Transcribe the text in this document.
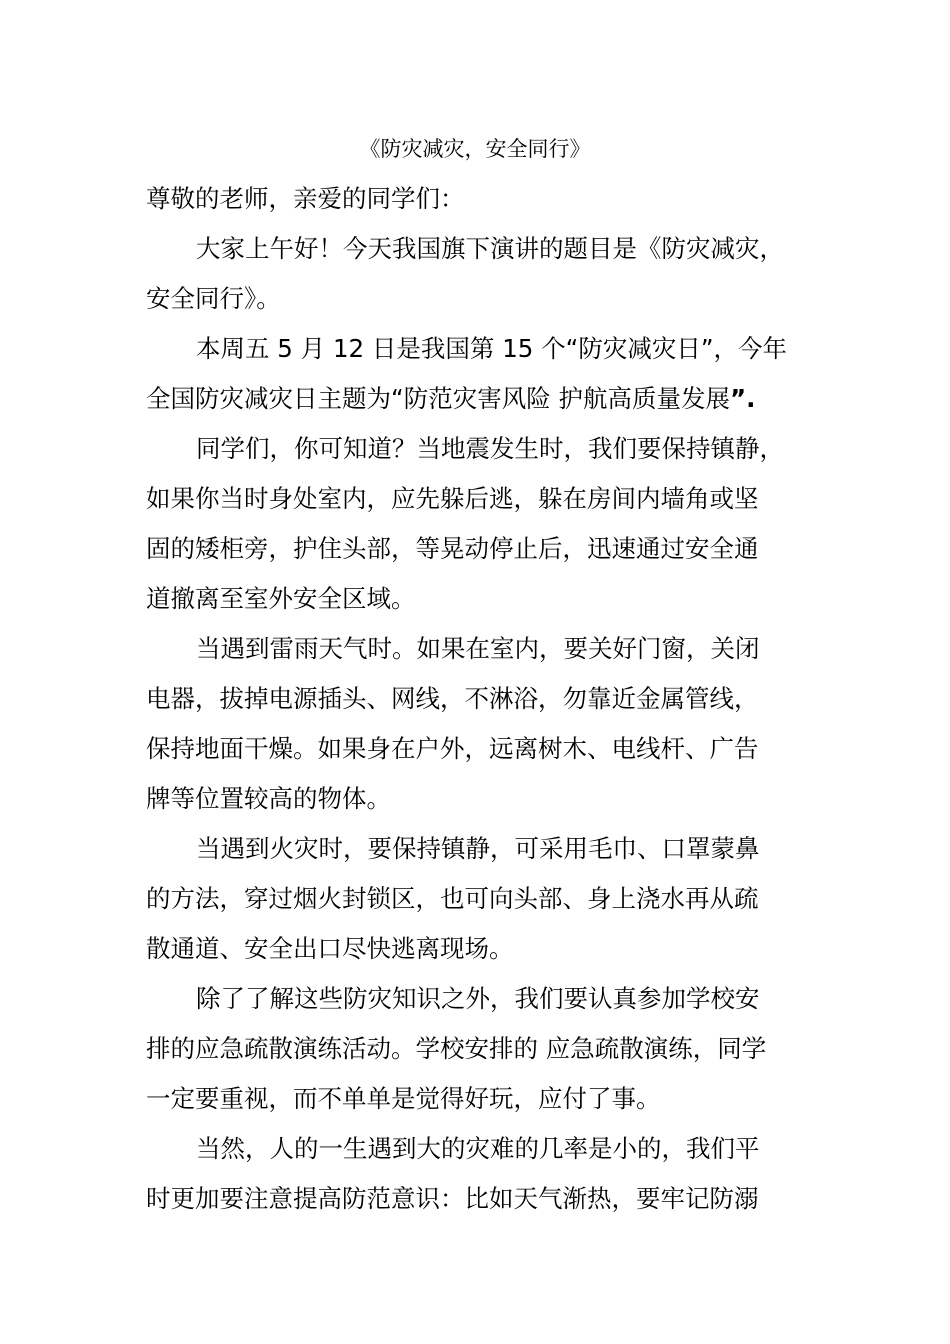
《防灾减灾，安全同行》
尊敬的老师，亲爱的同学们：
大家上午好！今天我国旗下演讲的题目是《防灾减灾，
安全同行》。
本周五 5 月 12 日是我国第 15 个“防灾减灾日”，今年
全国防灾减灾日主题为“防范灾害风险 护航高质量发展”.
同学们，你可知道？当地震发生时，我们要保持镇静，
如果你当时身处室内，应先躲后逃，躲在房间内墙角或坚
固的矮柜旁，护住头部，等晃动停止后，迅速通过安全通
道撤离至室外安全区域。
当遇到雷雨天气时。如果在室内，要关好门窗，关闭
电器，拔掉电源插头、网线，不淋浴，勿靠近金属管线，
保持地面干燥。如果身在户外，远离树木、电线杆、广告
牌等位置较高的物体。
当遇到火灾时，要保持镇静，可采用毛巾、口罩蒙鼻
的方法，穿过烟火封锁区，也可向头部、身上浇水再从疏
散通道、安全出口尽快逃离现场。
除了了解这些防灾知识之外，我们要认真参加学校安
排的应急疏散演练活动。学校安排的 应急疏散演练，同学
一定要重视，而不单单是觉得好玩，应付了事。
当然，人的一生遇到大的灾难的几率是小的，我们平
时更加要注意提高防范意识：比如天气渐热，要牢记防溺
